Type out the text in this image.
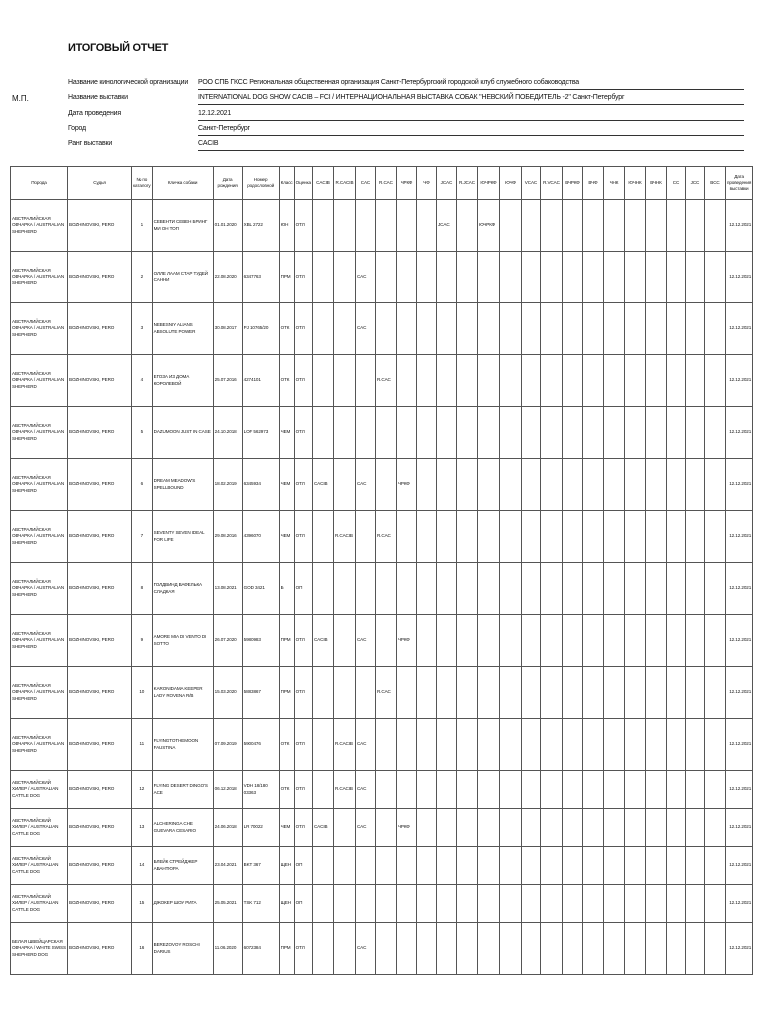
ИТОГОВЫЙ ОТЧЕТ
М.П.
Название кинологической организации	РОО СПБ ГКСС Региональная общественная организация Санкт-Петербургский городской клуб служебного собаководства
Название выставки	INTERNATIONAL DOG SHOW CACIB – FCI / ИНТЕРНАЦИОНАЛЬНАЯ ВЫСТАВКА СОБАК "НЕВСКИЙ ПОБЕДИТЕЛЬ -2" Санкт-Петербург
Дата проведения	12.12.2021
Город	Санкт-Петербург
Ранг выставки	CACIB
Порода	Судья	№ по каталогу	Кличка собаки	Дата рождения	Номер родословной	Класс	Оценка	CACIB	R.CACIB	CAC	R.CAC	ЧРКФ	ЧФ	JCAC	R.JCAC	ЮЧРКФ	ЮЧФ	VCAC	R.VCAC	ВЧРКФ	ВЧФ	ЧНК	ЮЧНК	ВЧНК	CC	JCC	BCC	Дата проведения выставки
АВСТРАЛИЙСКАЯ ОВЧАРКА / AUSTRALIAN SHEPHERD	BOZHINOVSKI, PERO	1	СЕВЕНТИ СЕВЕН БРИНГ МИ ОН ТОП	01.01.2020	XBL 2722	ЮН	ОТЛ							JCAC		ЮЧРКФ												12.12.2021
АВСТРАЛИЙСКАЯ ОВЧАРКА / AUSTRALIAN SHEPHERD	BOZHINOVSKI, PERO	2	ОЛЛЕ ЛААМ СТАР ТУДЕЙ САННИ	22.08.2020	6347763	ПРМ	ОТЛ			CAC																		12.12.2021
АВСТРАЛИЙСКАЯ ОВЧАРКА / AUSTRALIAN SHEPHERD	BOZHINOVSKI, PERO	3	NEBESNIY ALIANS ABSOLUTE POWER	30.08.2017	PJ 10765/20	ОТК	ОТЛ			CAC																		12.12.2021
АВСТРАЛИЙСКАЯ ОВЧАРКА / AUSTRALIAN SHEPHERD	BOZHINOVSKI, PERO	4	ЕГОЗА ИЗ ДОМА КОРОЛЕВОЙ	25.07.2016	4274101	ОТК	ОТЛ				R.CAC																	12.12.2021
АВСТРАЛИЙСКАЯ ОВЧАРКА / AUSTRALIAN SHEPHERD	BOZHINOVSKI, PERO	5	DAZUMOON JUST IN CASE	24.10.2018	LOF 562973	ЧЕМ	ОТЛ																					12.12.2021
АВСТРАЛИЙСКАЯ ОВЧАРКА / AUSTRALIAN SHEPHERD	BOZHINOVSKI, PERO	6	DREAM MEADOW'S SPELLBOUND	18.02.2019	6345934	ЧЕМ	ОТЛ	CACIB		CAC		ЧРКФ																12.12.2021
АВСТРАЛИЙСКАЯ ОВЧАРКА / AUSTRALIAN SHEPHERD	BOZHINOVSKI, PERO	7	SEVENTY SEVEN IDEAL FOR LIFE	29.08.2016	4396070	ЧЕМ	ОТЛ		R.CACIB		R.CAC																	12.12.2021
АВСТРАЛИЙСКАЯ ОВЧАРКА / AUSTRALIAN SHEPHERD	BOZHINOVSKI, PERO	8	ГОЛДВИНД ВАФЕЛЬКА СЛАДКАЯ	13.08.2021	GOD 3421	Б	ОП																					12.12.2021
АВСТРАЛИЙСКАЯ ОВЧАРКА / AUSTRALIAN SHEPHERD	BOZHINOVSKI, PERO	9	AMORE MIA DI VENTO DI SOTTO	26.07.2020	5980983	ПРМ	ОТЛ	CACIB		CAC		ЧРКФ																12.12.2021
АВСТРАЛИЙСКАЯ ОВЧАРКА / AUSTRALIAN SHEPHERD	BOZHINOVSKI, PERO	10	KARONIDAMA KEEPER LADY ROVENA R/B	15.03.2020	5883867	ПРМ	ОТЛ				R.CAC																	12.12.2021
АВСТРАЛИЙСКАЯ ОВЧАРКА / AUSTRALIAN SHEPHERD	BOZHINOVSKI, PERO	11	FLYINGTOTHEMOON FAUSTINA	07.09.2019	5900476	ОТК	ОТЛ		R.CACIB	CAC																		12.12.2021
АВСТРАЛИЙСКИЙ ХИЛЕР / AUSTRALIAN CATTLE DOG	BOZHINOVSKI, PERO	12	FLYING DESERT DINGO'S ACE	06.12.2018	VDH 18/180 03363	ОТК	ОТЛ		R.CACIB	CAC																		12.12.2021
АВСТРАЛИЙСКИЙ ХИЛЕР / AUSTRALIAN CATTLE DOG	BOZHINOVSKI, PERO	13	ALCHERINGA CHE GUEVARA CESARIO	24.06.2018	LR 70022	ЧЕМ	ОТЛ	CACIB		CAC		ЧРКФ																12.12.2021
АВСТРАЛИЙСКИЙ ХИЛЕР / AUSTRALIAN CATTLE DOG	BOZHINOVSKI, PERO	14	БЛЕЙК СТРЕЙДЖЕР АВАНТЮРА	23.04.2021	BKT 367	ЩЕН	ОП																					12.12.2021
АВСТРАЛИЙСКИЙ ХИЛЕР / AUSTRALIAN CATTLE DOG	BOZHINOVSKI, PERO	15	ДЖОКЕР ШОУ РИГА	25.05.2021	TSK 712	ЩЕН	ОП																					12.12.2021
БЕЛАЯ ШВЕЙЦАРСКАЯ ОВЧАРКА / WHITE SWISS SHEPHERD DOG	BOZHINOVSKI, PERO	16	BEREZOVOY ROSCHI DARIUS	11.06.2020	6072384	ПРМ	ОТЛ			CAC																		12.12.2021
